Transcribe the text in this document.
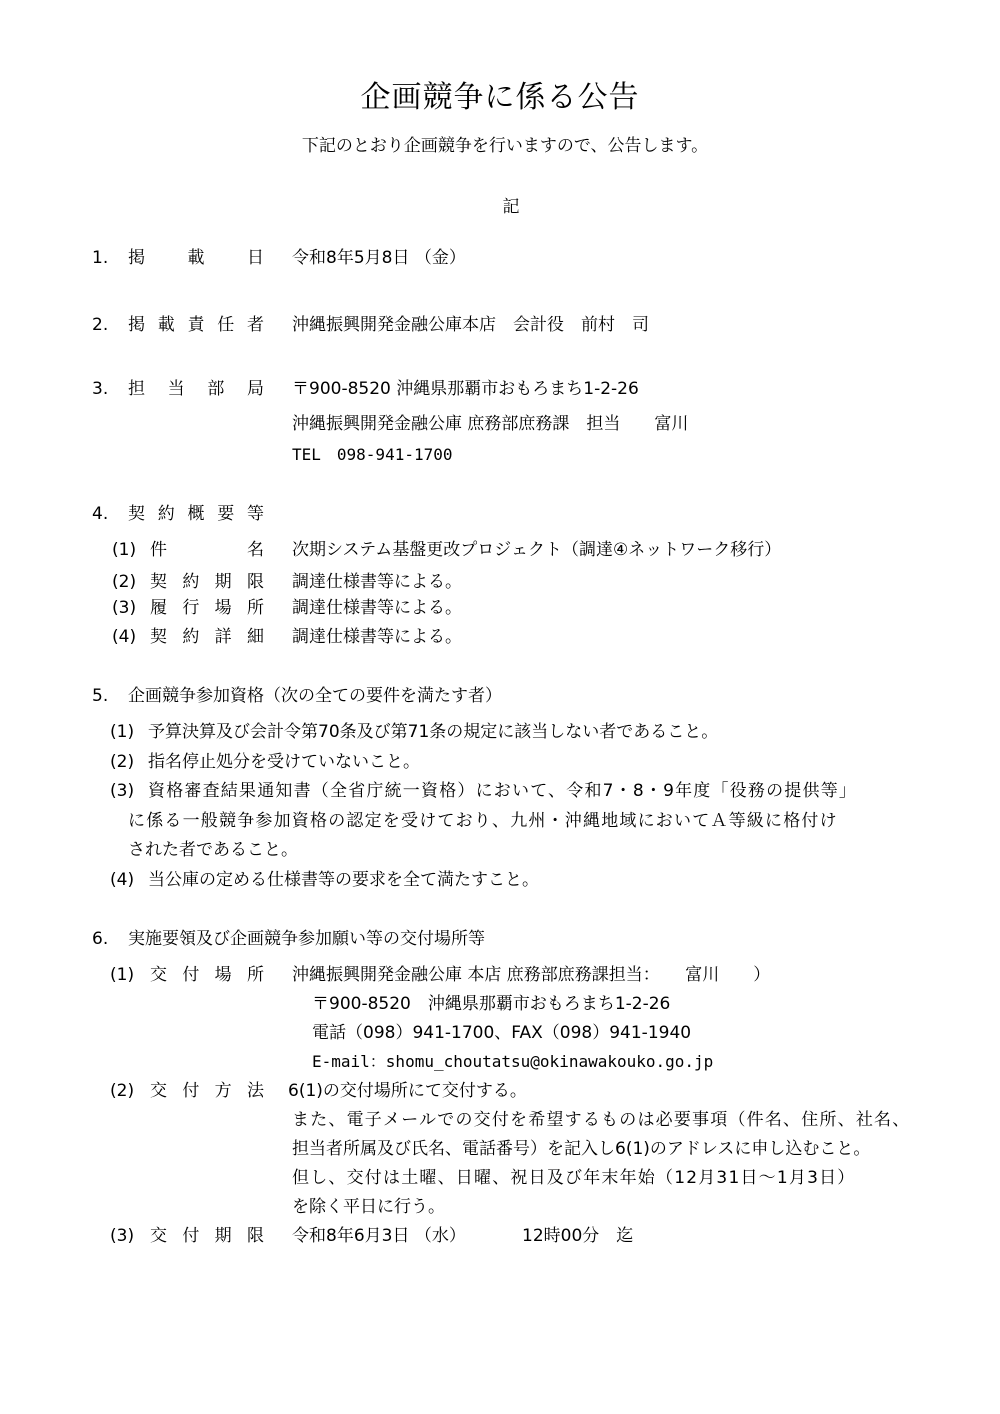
企画競争に係る公告
下記のとおり企画競争を行いますので、公告します。
記
1. 掲	載	日 令和8年5月8日 （金）
2. 掲 載 責 任 者 沖縄振興開発金融公庫本店　会計役　前村　司
3. 担 当 部 局 〒900-8520 沖縄県那覇市おもろまち1-2-26
沖縄振興開発金融公庫 庶務部庶務課　担当　　富川
TEL　098-941-1700
4. 契 約 概 要 等
(1) 件	名 次期システム基盤更改プロジェクト（調達④ネットワーク移行）
(2) 契 約 期 限 調達仕様書等による。
(3) 履 行 場 所 調達仕様書等による。
(4) 契 約 詳 細 調達仕様書等による。
5. 企画競争参加資格（次の全ての要件を満たす者）
(1) 予算決算及び会計令第70条及び第71条の規定に該当しない者であること。
(2) 指名停止処分を受けていないこと。
(3) 資格審査結果通知書（全省庁統一資格）において、令和7・8・9年度「役務の提供等」
に係る一般競争参加資格の認定を受けており、九州・沖縄地域においてＡ等級に格付け
された者であること。
(4) 当公庫の定める仕様書等の要求を全て満たすこと。
6. 実施要領及び企画競争参加願い等の交付場所等
(1) 交 付 場 所 沖縄振興開発金融公庫 本店 庶務部庶務課担当：　　富川　　）
〒900-8520　沖縄県那覇市おもろまち1-2-26
電話（098）941-1700、FAX（098）941-1940
E-mail：shomu_choutatsu@okinawakouko.go.jp
(2) 交 付 方 法 6(1)の交付場所にて交付する。
また、電子メールでの交付を希望するものは必要事項（件名、住所、社名、
担当者所属及び氏名、電話番号）を記入し6(1)のアドレスに申し込むこと。
但し、交付は土曜、日曜、祝日及び年末年始（12月31日～1月3日）
を除く平日に行う。
(3) 交 付 期 限 令和8年6月3日 （水）	12時00分　迄
